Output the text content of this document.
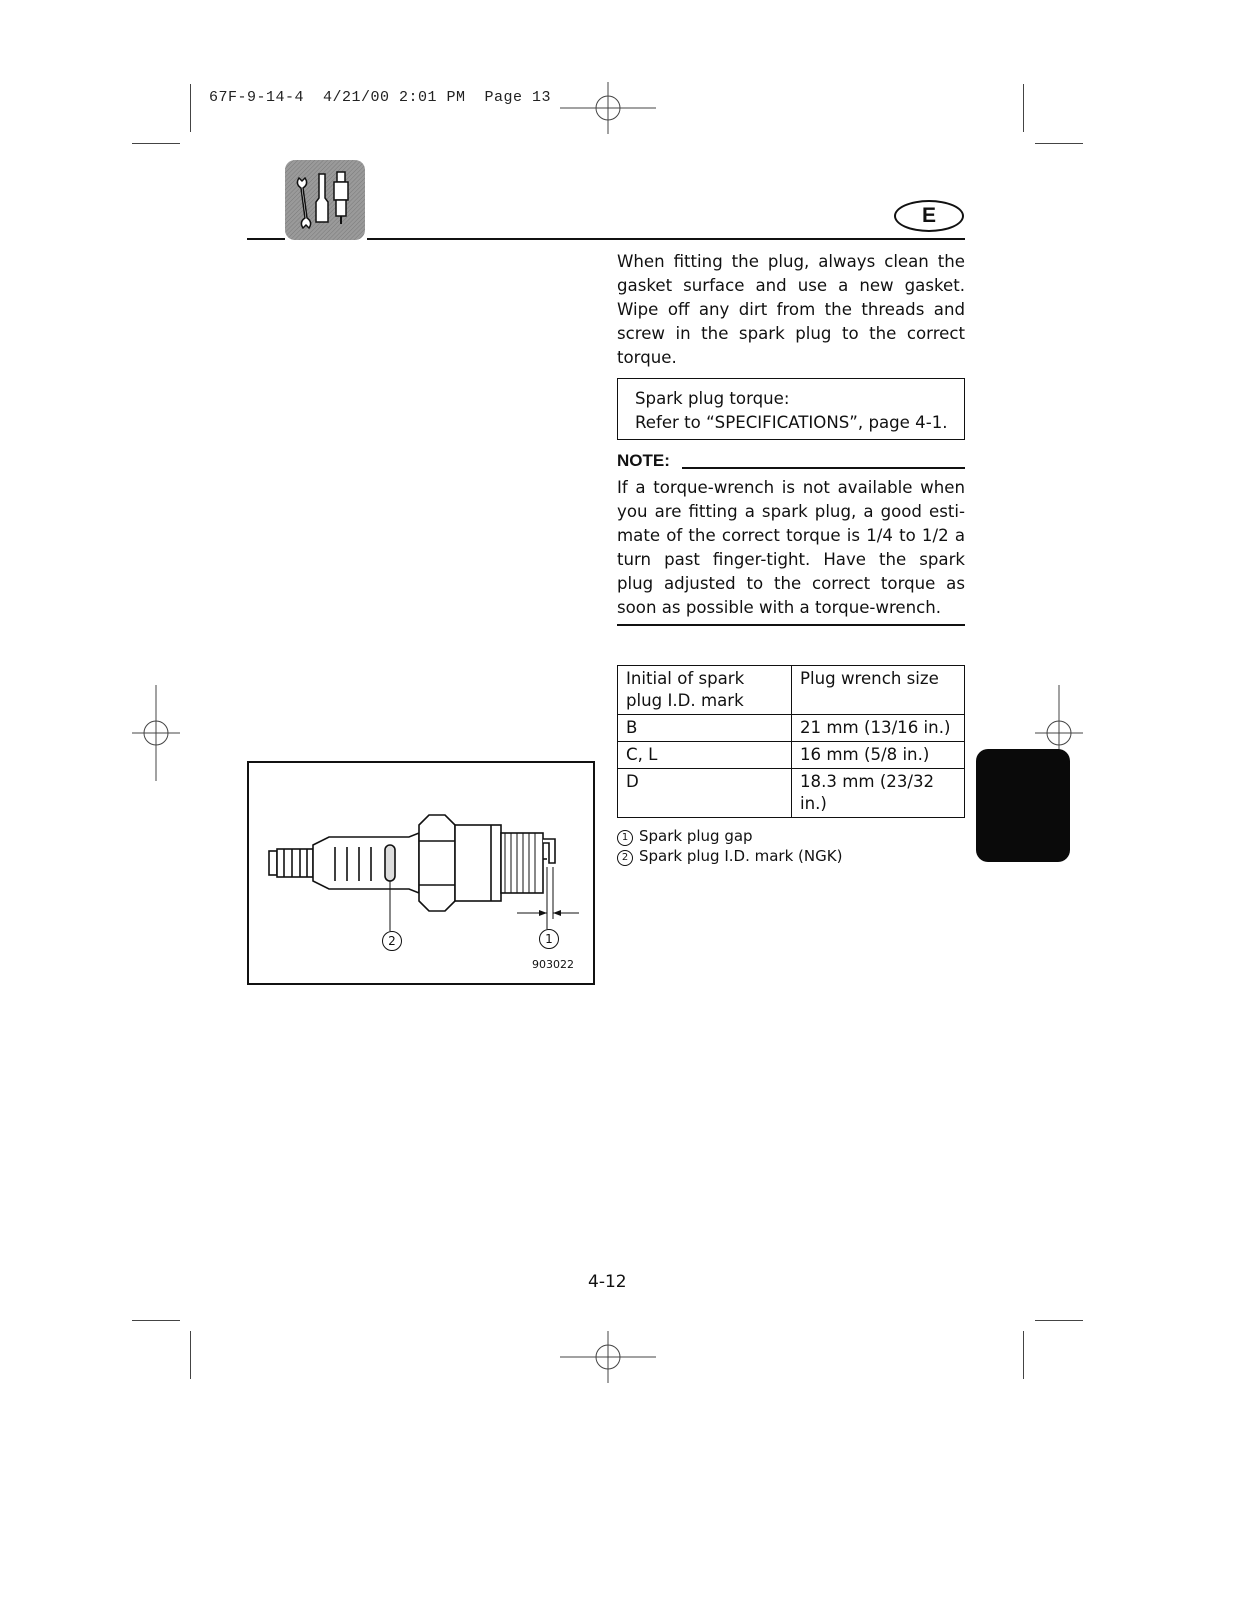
67F-9-14-4  4/21/00 2:01 PM  Page 13
E

When fitting the plug, always clean the gasket surface and use a new gasket. Wipe off any dirt from the threads and screw in the spark plug to the correct torque.

Spark plug torque:
Refer to “SPECIFICATIONS”, page 4-1.
NOTE:

If a torque-wrench is not available when you are fitting a spark plug, a good esti-mate of the correct torque is 1/4 to 1/2 a turn past finger-tight. Have the spark plug adjusted to the correct torque as soon as possible with a torque-wrench.

Initial of spark plug I.D. mark	Plug wrench size
B	21 mm (13/16 in.)
C, L	16 mm (5/8 in.)
D	18.3 mm (23/32 in.)
1 Spark plug gap
2 Spark plug I.D. mark (NGK)
2	1
903022
4-12
